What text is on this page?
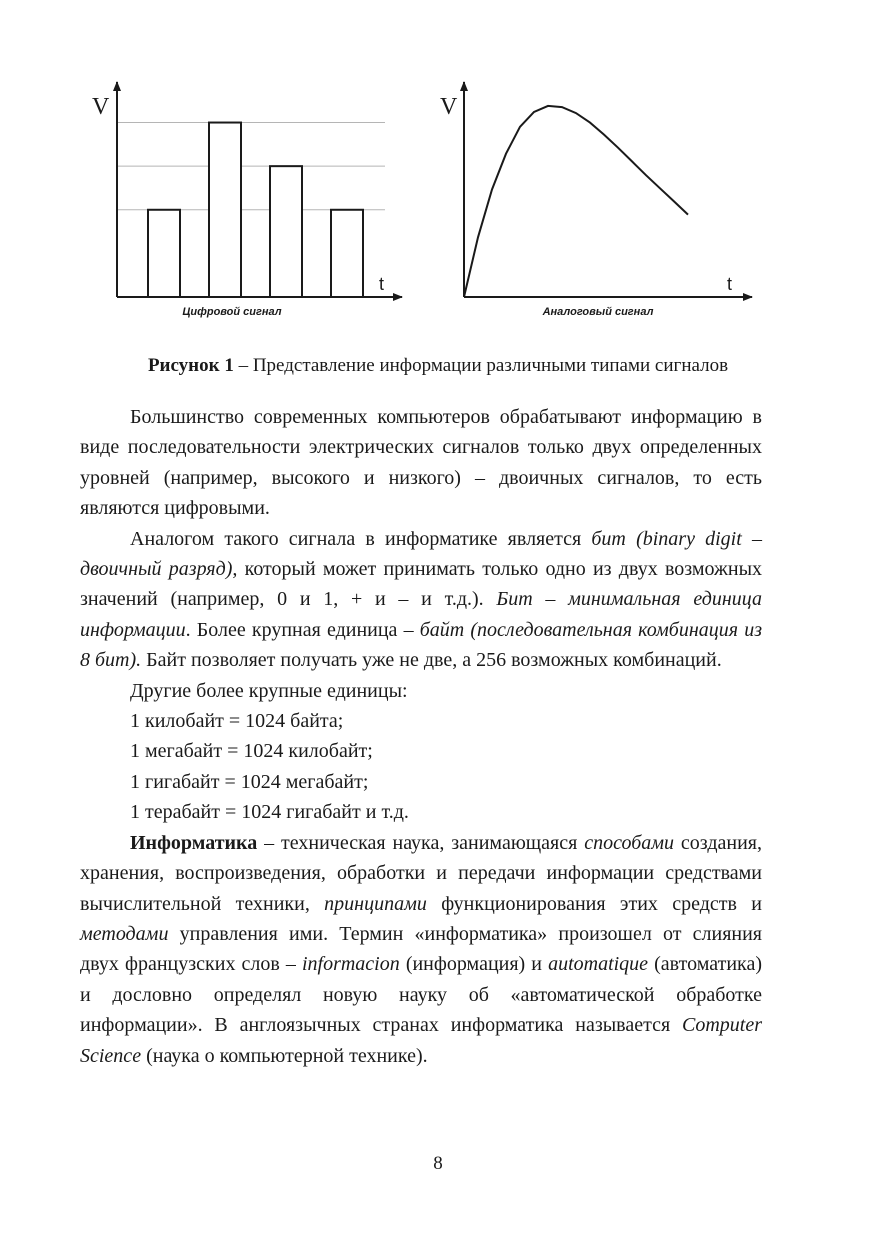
V
t
Цифровой сигнал
V
t
Аналоговый сигнал
Рисунок 1 – Представление информации различными типами сигналов

Большинство современных компьютеров обрабатывают информацию в виде последовательности электрических сигналов только двух определенных уровней (например, высокого и низкого) – двоичных сигналов, то есть являются цифровыми.

Аналогом такого сигнала в информатике является бит (binary digit – двоичный разряд), который может принимать только одно из двух возможных значений (например, 0 и 1, + и – и т.д.). Бит – минимальная единица информации. Более крупная единица – байт (последовательная комбинация из 8 бит). Байт позволяет получать уже не две, а 256 возможных комбинаций.

Другие более крупные единицы:

1 килобайт = 1024 байта;

1 мегабайт = 1024 килобайт;

1 гигабайт = 1024 мегабайт;

1 терабайт = 1024 гигабайт и т.д.

Информатика – техническая наука, занимающаяся способами создания, хранения, воспроизведения, обработки и передачи информации средствами вычислительной техники, принципами функционирования этих средств и методами управления ими. Термин «информатика» произошел от слияния двух французских слов – informacion (информация) и automatique (автоматика) и дословно определял новую науку об «автоматической обработке информации». В англоязычных странах информатика называется Computer Science (наука о компьютерной технике).

8
